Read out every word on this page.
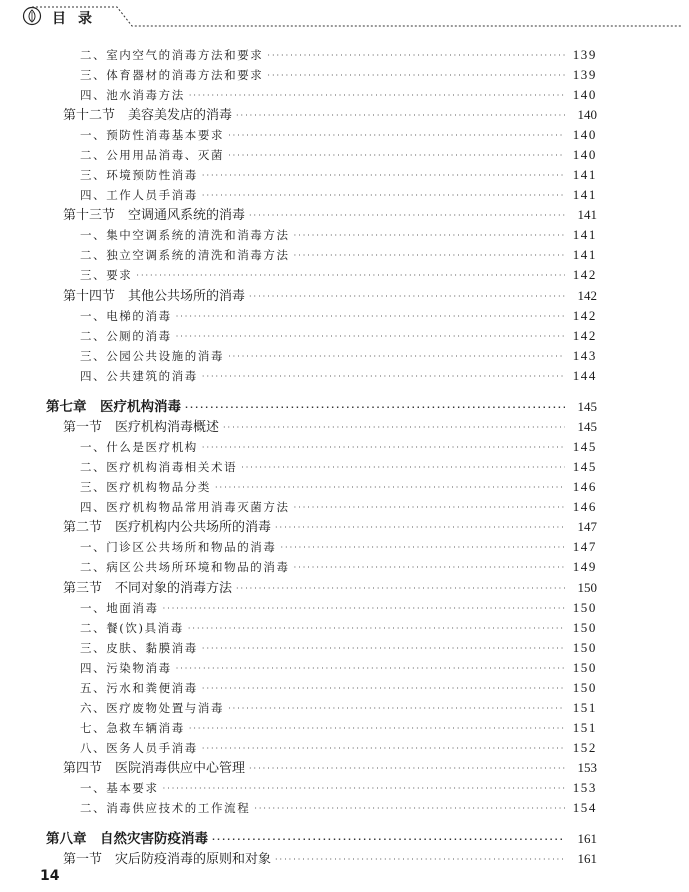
目录
二、室内空气的消毒方法和要求 ·····	139
三、体育器材的消毒方法和要求 ·····	139
四、池水消毒方法 ·····	140
第十二节　美容美发店的消毒 ·····	140
一、预防性消毒基本要求 ·····	140
二、公用用品消毒、灭菌 ·····	140
三、环境预防性消毒 ·····	141
四、工作人员手消毒 ·····	141
第十三节　空调通风系统的消毒 ·····	141
一、集中空调系统的清洗和消毒方法 ·····	141
二、独立空调系统的清洗和消毒方法 ·····	141
三、要求 ·····	142
第十四节　其他公共场所的消毒 ·····	142
一、电梯的消毒 ·····	142
二、公厕的消毒 ·····	142
三、公园公共设施的消毒 ·····	143
四、公共建筑的消毒 ·····	144
第七章　医疗机构消毒 ·····	145
第一节　医疗机构消毒概述 ·····	145
一、什么是医疗机构 ·····	145
二、医疗机构消毒相关术语 ·····	145
三、医疗机构物品分类 ·····	146
四、医疗机构物品常用消毒灭菌方法 ·····	146
第二节　医疗机构内公共场所的消毒 ·····	147
一、门诊区公共场所和物品的消毒 ·····	147
二、病区公共场所环境和物品的消毒 ·····	149
第三节　不同对象的消毒方法 ·····	150
一、地面消毒 ·····	150
二、餐(饮)具消毒 ·····	150
三、皮肤、黏膜消毒 ·····	150
四、污染物消毒 ·····	150
五、污水和粪便消毒 ·····	150
六、医疗废物处置与消毒 ·····	151
七、急救车辆消毒 ·····	151
八、医务人员手消毒 ·····	152
第四节　医院消毒供应中心管理 ·····	153
一、基本要求 ·····	153
二、消毒供应技术的工作流程 ·····	154
第八章　自然灾害防疫消毒 ·····	161
第一节　灾后防疫消毒的原则和对象 ·····	161
14
